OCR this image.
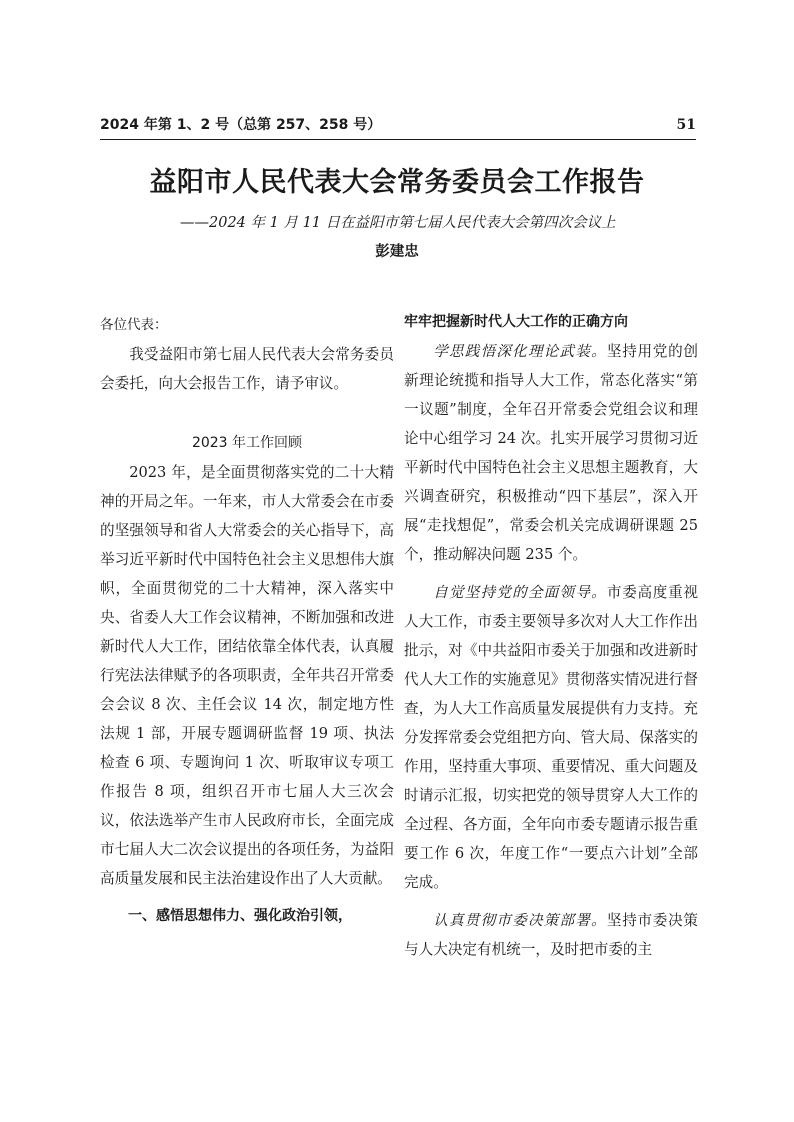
2024 年第 1、2 号（总第 257、258 号）	51
益阳市人民代表大会常务委员会工作报告
——2024 年 1 月 11 日在益阳市第七届人民代表大会第四次会议上
彭建忠

各位代表：

我受益阳市第七届人民代表大会常务委员会委托，向大会报告工作，请予审议。

2023 年工作回顾

2023 年，是全面贯彻落实党的二十大精神的开局之年。一年来，市人大常委会在市委的坚强领导和省人大常委会的关心指导下，高举习近平新时代中国特色社会主义思想伟大旗帜，全面贯彻党的二十大精神，深入落实中央、省委人大工作会议精神，不断加强和改进新时代人大工作，团结依靠全体代表，认真履行宪法法律赋予的各项职责，全年共召开常委会会议 8 次、主任会议 14 次，制定地方性法规 1 部，开展专题调研监督 19 项、执法检查 6 项、专题询问 1 次、听取审议专项工作报告 8 项，组织召开市七届人大三次会议，依法选举产生市人民政府市长，全面完成市七届人大二次会议提出的各项任务，为益阳高质量发展和民主法治建设作出了人大贡献。

一、感悟思想伟力、强化政治引领，

牢牢把握新时代人大工作的正确方向

学思践悟深化理论武装。坚持用党的创新理论统揽和指导人大工作，常态化落实“第一议题”制度，全年召开常委会党组会议和理论中心组学习 24 次。扎实开展学习贯彻习近平新时代中国特色社会主义思想主题教育，大兴调查研究，积极推动“四下基层”，深入开展“走找想促”，常委会机关完成调研课题 25 个，推动解决问题 235 个。

自觉坚持党的全面领导。市委高度重视人大工作，市委主要领导多次对人大工作作出批示，对《中共益阳市委关于加强和改进新时代人大工作的实施意见》贯彻落实情况进行督查，为人大工作高质量发展提供有力支持。充分发挥常委会党组把方向、管大局、保落实的作用，坚持重大事项、重要情况、重大问题及时请示汇报，切实把党的领导贯穿人大工作的全过程、各方面，全年向市委专题请示报告重要工作 6 次，年度工作“一要点六计划”全部完成。

认真贯彻市委决策部署。坚持市委决策与人大决定有机统一，及时把市委的主
